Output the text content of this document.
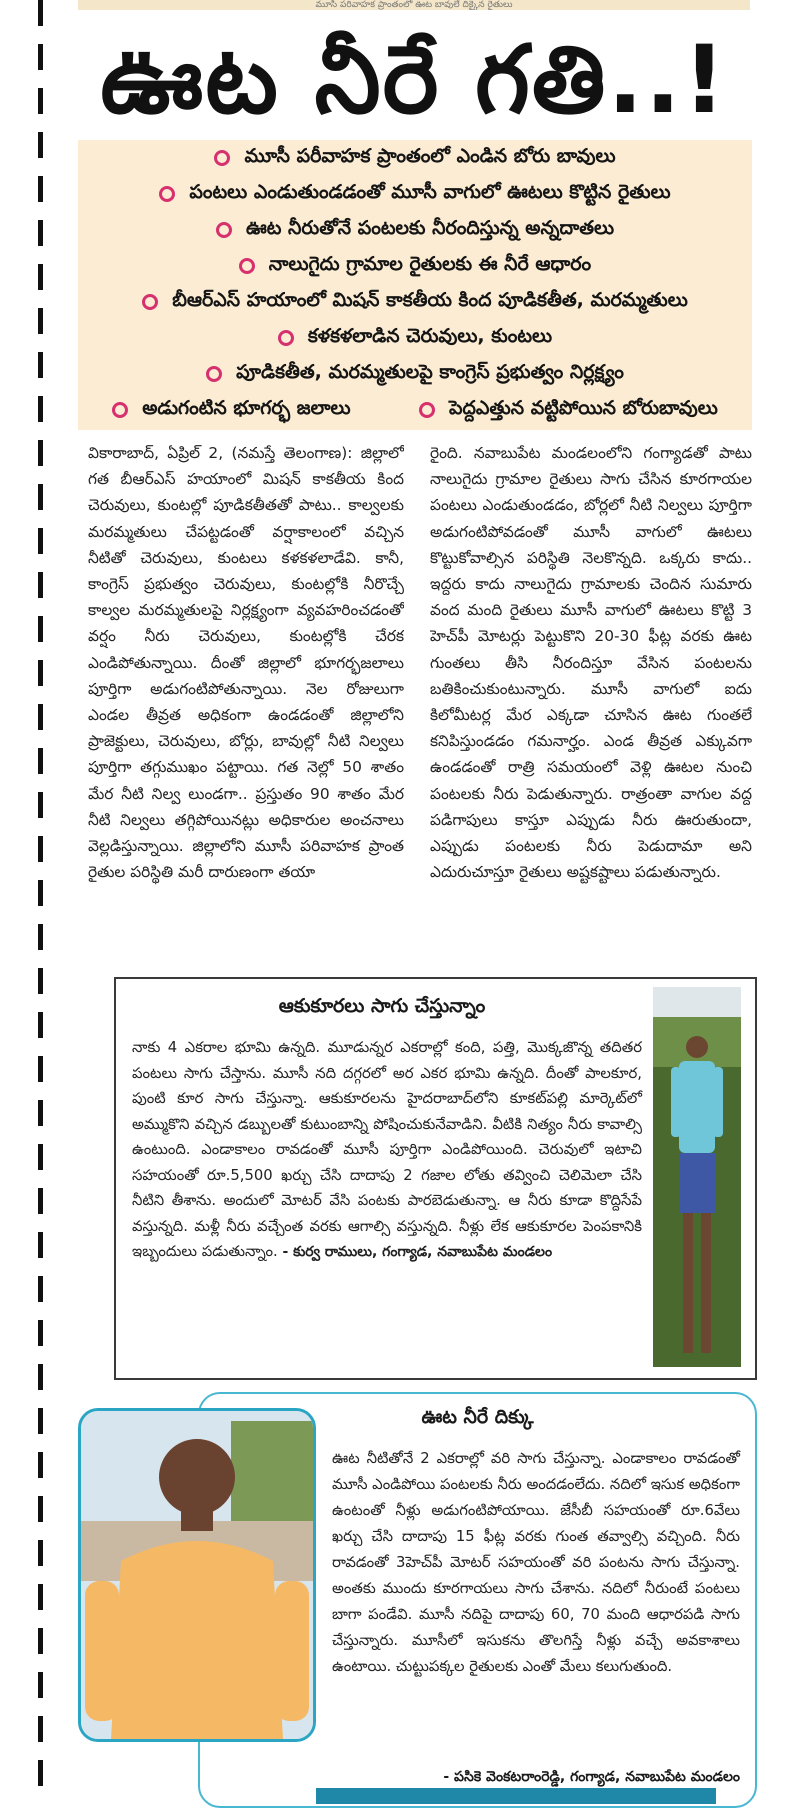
మూసీ పరివాహక ప్రాంతంలో ఊట బావులే దిక్కైన రైతులు
ఊట నీరే గతి..!
మూసీ పరీవాహక ప్రాంతంలో ఎండిన బోరు బావులు
పంటలు ఎండుతుండడంతో మూసీ వాగులో ఊటలు కొట్టిన రైతులు
ఊట నీరుతోనే పంటలకు నీరందిస్తున్న అన్నదాతలు
నాలుగైదు గ్రామాల రైతులకు ఈ నీరే ఆధారం
బీఆర్ఎస్ హయాంలో మిషన్ కాకతీయ కింద పూడికతీత, మరమ్మతులు
కళకళలాడిన చెరువులు, కుంటలు
పూడికతీత, మరమ్మతులపై కాంగ్రెస్ ప్రభుత్వం నిర్లక్ష్యం
అడుగంటిన భూగర్భ జలాలు	పెద్దఎత్తున వట్టిపోయిన బోరుబావులు

వికారాబాద్, ఏప్రిల్ 2, (నమస్తే తెలంగాణ): జిల్లాలో గత బీఆర్ఎస్ హయాంలో మిషన్ కాకతీయ కింద చెరువులు, కుంటల్లో పూడికతీతతో పాటు.. కాల్వలకు మరమ్మతులు చేపట్టడంతో వర్షాకాలంలో వచ్చిన నీటితో చెరువులు, కుంటలు కళకళలాడేవి. కానీ, కాంగ్రెస్ ప్రభుత్వం చెరువులు, కుంటల్లోకి నీరొచ్చే కాల్వల మరమ్మతులపై నిర్లక్ష్యంగా వ్యవహరించడంతో వర్షం నీరు చెరువులు, కుంటల్లోకి చేరక ఎండిపోతున్నాయి. దీంతో జిల్లాలో భూగర్భజలాలు పూర్తిగా అడుగంటిపోతున్నాయి. నెల రోజులుగా ఎండల తీవ్రత అధికంగా ఉండడంతో జిల్లాలోని ప్రాజెక్టులు, చెరువులు, బోర్లు, బావుల్లో నీటి నిల్వలు పూర్తిగా తగ్గుముఖం పట్టాయి. గత నెల్లో 50 శాతం మేర నీటి నిల్వ లుండగా.. ప్రస్తుతం 90 శాతం మేర నీటి నిల్వలు తగ్గిపోయినట్లు అధికారుల అంచనాలు వెల్లడిస్తున్నాయి. జిల్లాలోని మూసీ పరివాహక ప్రాంత రైతుల పరిస్థితి మరీ దారుణంగా తయా

రైంది. నవాబుపేట మండలంలోని గంగ్యాడతో పాటు నాలుగైదు గ్రామాల రైతులు సాగు చేసిన కూరగాయల పంటలు ఎండుతుండడం, బోర్లలో నీటి నిల్వలు పూర్తిగా అడుగంటిపోవడంతో మూసీ వాగులో ఊటలు కొట్టుకోవాల్సిన పరిస్థితి నెలకొన్నది. ఒక్కరు కాదు.. ఇద్దరు కాదు నాలుగైదు గ్రామాలకు చెందిన సుమారు వంద మంది రైతులు మూసీ వాగులో ఊటలు కొట్టి 3 హెచ్‌పీ మోటర్లు పెట్టుకొని 20-30 ఫీట్ల వరకు ఊట గుంతలు తీసి నీరందిస్తూ వేసిన పంటలను బతికించుకుంటున్నారు. మూసీ వాగులో ఐదు కిలోమీటర్ల మేర ఎక్కడా చూసిన ఊట గుంతలే కనిపిస్తుండడం గమనార్హం. ఎండ తీవ్రత ఎక్కువగా ఉండడంతో రాత్రి సమయంలో వెళ్లి ఊటల నుంచి పంటలకు నీరు పెడుతున్నారు. రాత్రంతా వాగుల వద్ద పడిగాపులు కాస్తూ ఎప్పుడు నీరు ఊరుతుందా, ఎప్పుడు పంటలకు నీరు పెడుదామా అని ఎదురుచూస్తూ రైతులు అష్టకష్టాలు పడుతున్నారు.

ఆకుకూరలు సాగు చేస్తున్నాం

నాకు 4 ఎకరాల భూమి ఉన్నది. మూడున్నర ఎకరాల్లో కంది, పత్తి, మొక్కజొన్న తదితర పంటలు సాగు చేస్తాను. మూసీ నది దగ్గరలో అర ఎకర భూమి ఉన్నది. దీంతో పాలకూర, పుంటి కూర సాగు చేస్తున్నా. ఆకుకూరలను హైదరాబాద్‌లోని కూకట్‌పల్లి మార్కెట్‌లో అమ్ముకొని వచ్చిన డబ్బులతో కుటుంబాన్ని పోషించుకునేవాడిని. వీటికి నిత్యం నీరు కావాల్సి ఉంటుంది. ఎండాకాలం రావడంతో మూసీ పూర్తిగా ఎండిపోయింది. చెరువులో ఇటాచి సహయంతో రూ.5,500 ఖర్చు చేసి దాదాపు 2 గజాల లోతు తవ్వించి చెలిమెలా చేసి నీటిని తీశాను. అందులో మోటర్ వేసి పంటకు పారబెడుతున్నా. ఆ నీరు కూడా కొద్దిసేపే వస్తున్నది. మళ్లీ నీరు వచ్చేంత వరకు ఆగాల్సి వస్తున్నది. నీళ్లు లేక ఆకుకూరల పెంపకానికి ఇబ్బందులు పడుతున్నాం. - కుర్వ రాములు, గంగ్యాడ, నవాబుపేట మండలం

ఊట నీరే దిక్కు

ఊట నీటితోనే 2 ఎకరాల్లో వరి సాగు చేస్తున్నా. ఎండాకాలం రావడంతో మూసీ ఎండిపోయి పంటలకు నీరు అందడంలేదు. నదిలో ఇసుక అధికంగా ఉంటంతో నీళ్లు అడుగంటిపోయాయి. జేసీబీ సహయంతో రూ.6వేలు ఖర్చు చేసి దాదాపు 15 ఫీట్ల వరకు గుంత తవ్వాల్సి వచ్చింది. నీరు రావడంతో 3హెచ్‌పీ మోటర్ సహయంతో వరి పంటను సాగు చేస్తున్నా. అంతకు ముందు కూరగాయలు సాగు చేశాను. నదిలో నీరుంటే పంటలు బాగా పండేవి. మూసీ నదిపై దాదాపు 60, 70 మంది ఆధారపడి సాగు చేస్తున్నారు. మూసీలో ఇసుకను తొలగిస్తే నీళ్లు వచ్చే అవకాశాలు ఉంటాయి. చుట్టుపక్కల రైతులకు ఎంతో మేలు కలుగుతుంది.

- పసికె వెంకటరాంరెడ్డి, గంగ్యాడ, నవాబుపేట మండలం
